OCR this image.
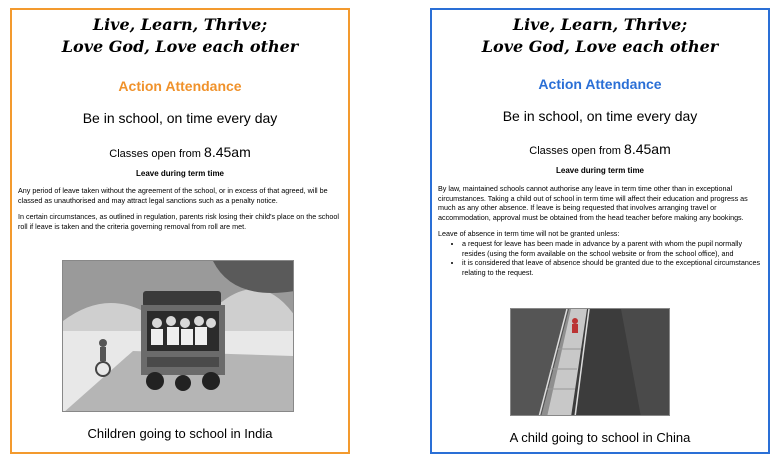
Live, Learn, Thrive;
Love God, Love each other
Action Attendance
Be in school, on time every day
Classes open from 8.45am
Leave during term time

Any period of leave taken without the agreement of the school, or in excess of that agreed, will be classed as unauthorised and may attract legal sanctions such as a penalty notice.

In certain circumstances, as outlined in regulation, parents risk losing their child's place on the school roll if leave is taken and the criteria governing removal from roll are met.

Children going to school in India
Live, Learn, Thrive;
Love God, Love each other
Action Attendance
Be in school, on time every day
Classes open from 8.45am
Leave during term time

By law, maintained schools cannot authorise any leave in term time other than in exceptional circumstances. Taking a child out of school in term time will affect their education and progress as much as any other absence. If leave is being requested that involves arranging travel or accommodation, approval must be obtained from the head teacher before making any bookings.

Leave of absence in term time will not be granted unless:

• a request for leave has been made in advance by a parent with whom the pupil normally resides (using the form available on the school website or from the school office), and
• it is considered that leave of absence should be granted due to the exceptional circumstances relating to the request.
A child going to school in China
